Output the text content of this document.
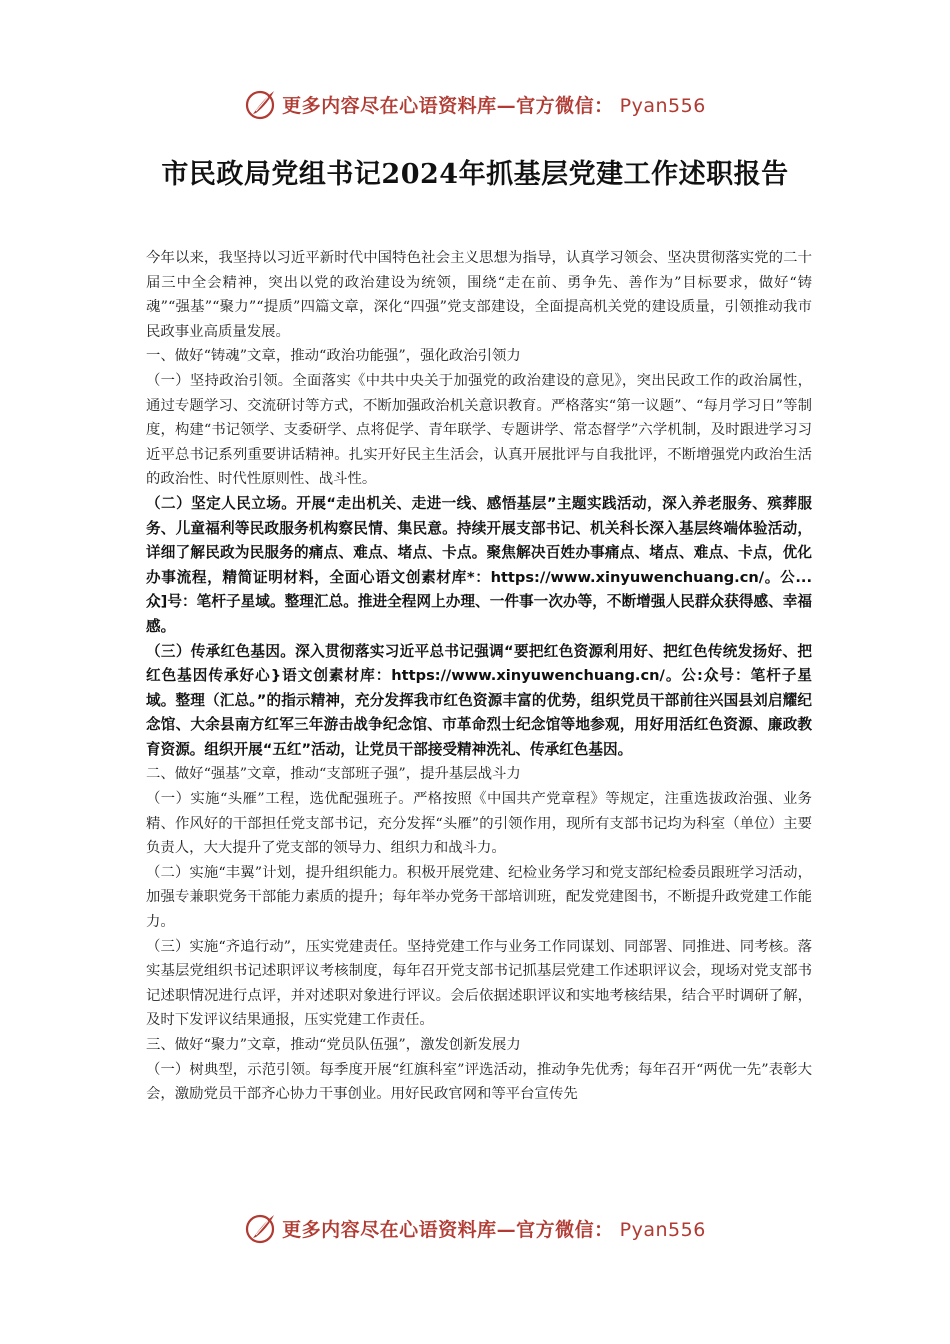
更多内容尽在心语资料库—官方微信： Pyan556
市民政局党组书记2024年抓基层党建工作述职报告

今年以来，我坚持以习近平新时代中国特色社会主义思想为指导，认真学习领会、坚决贯彻落实党的二十届三中全会精神，突出以党的政治建设为统领，围绕“走在前、勇争先、善作为”目标要求，做好“铸魂”“强基”“聚力”“提质”四篇文章，深化“四强”党支部建设，全面提高机关党的建设质量，引领推动我市民政事业高质量发展。

一、做好“铸魂”文章，推动“政治功能强”，强化政治引领力

（一）坚持政治引领。全面落实《中共中央关于加强党的政治建设的意见》，突出民政工作的政治属性，通过专题学习、交流研讨等方式，不断加强政治机关意识教育。严格落实“第一议题”、“每月学习日”等制度，构建“书记领学、支委研学、点将促学、青年联学、专题讲学、常态督学”六学机制，及时跟进学习习近平总书记系列重要讲话精神。扎实开好民主生活会，认真开展批评与自我批评，不断增强党内政治生活的政治性、时代性原则性、战斗性。

（二）坚定人民立场。开展“走出机关、走进一线、感悟基层”主题实践活动，深入养老服务、殡葬服务、儿童福利等民政服务机构察民情、集民意。持续开展支部书记、机关科长深入基层终端体验活动，详细了解民政为民服务的痛点、难点、堵点、卡点。聚焦解决百姓办事痛点、堵点、难点、卡点，优化办事流程，精简证明材料，全面心语文创素材库*：https://www.xinyuwenchuang.cn/。公...众]号：笔杆子星域。整理汇总。推进全程网上办理、一件事一次办等，不断增强人民群众获得感、幸福感。

（三）传承红色基因。深入贯彻落实习近平总书记强调“要把红色资源利用好、把红色传统发扬好、把红色基因传承好心}语文创素材库：https://www.xinyuwenchuang.cn/。公:众号：笔杆子星域。整理（汇总。”的指示精神，充分发挥我市红色资源丰富的优势，组织党员干部前往兴国县刘启耀纪念馆、大余县南方红军三年游击战争纪念馆、市革命烈士纪念馆等地参观，用好用活红色资源、廉政教育资源。组织开展“五红”活动，让党员干部接受精神洗礼、传承红色基因。

二、做好“强基”文章，推动“支部班子强”，提升基层战斗力

（一）实施“头雁”工程，选优配强班子。严格按照《中国共产党章程》等规定，注重选拔政治强、业务精、作风好的干部担任党支部书记，充分发挥“头雁”的引领作用，现所有支部书记均为科室（单位）主要负责人，大大提升了党支部的领导力、组织力和战斗力。

（二）实施“丰翼”计划，提升组织能力。积极开展党建、纪检业务学习和党支部纪检委员跟班学习活动，加强专兼职党务干部能力素质的提升；每年举办党务干部培训班，配发党建图书，不断提升政党建工作能力。

（三）实施“齐追行动”，压实党建责任。坚持党建工作与业务工作同谋划、同部署、同推进、同考核。落实基层党组织书记述职评议考核制度，每年召开党支部书记抓基层党建工作述职评议会，现场对党支部书记述职情况进行点评，并对述职对象进行评议。会后依据述职评议和实地考核结果，结合平时调研了解，及时下发评议结果通报，压实党建工作责任。

三、做好“聚力”文章，推动“党员队伍强”，激发创新发展力

（一）树典型，示范引领。每季度开展“红旗科室”评选活动，推动争先优秀；每年召开“两优一先”表彰大会，激励党员干部齐心协力干事创业。用好民政官网和等平台宣传先

更多内容尽在心语资料库—官方微信： Pyan556
